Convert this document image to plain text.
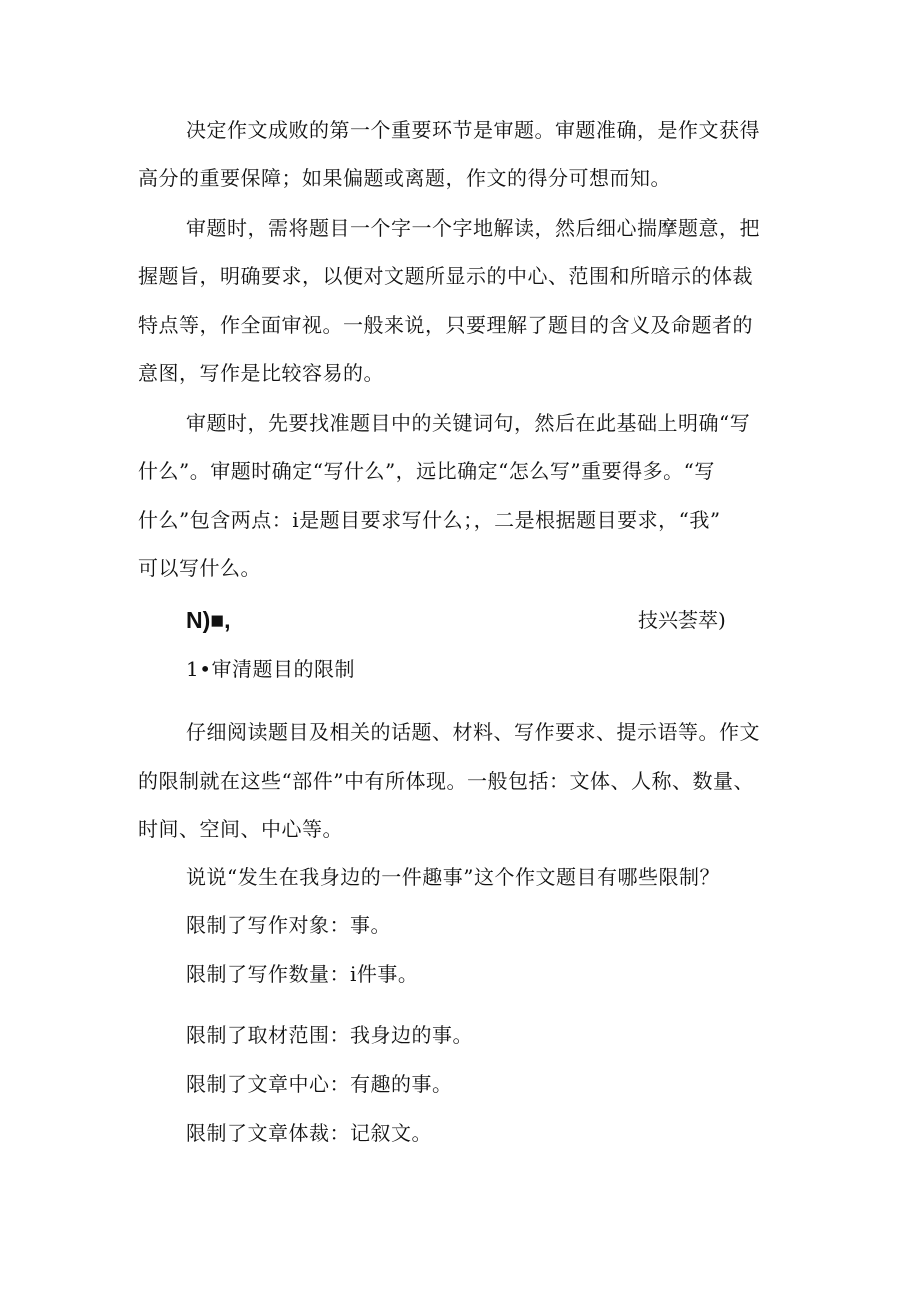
决定作文成败的第一个重要环节是审题。审题准确，是作文获得
高分的重要保障；如果偏题或离题，作文的得分可想而知。
审题时，需将题目一个字一个字地解读，然后细心揣摩题意，把
握题旨，明确要求，以便对文题所显示的中心、范围和所暗示的体裁
特点等，作全面审视。一般来说，只要理解了题目的含义及命题者的
意图，写作是比较容易的。
审题时，先要找准题目中的关键词句，然后在此基础上明确“写
什么”。审题时确定“写什么”，远比确定“怎么写”重要得多。“写
什么”包含两点：i是题目要求写什么；，二是根据题目要求，“我”
可以写什么。
N)■,	技兴荟萃)
1•审清题目的限制
仔细阅读题目及相关的话题、材料、写作要求、提示语等。作文
的限制就在这些“部件”中有所体现。一般包括：文体、人称、数量、
时间、空间、中心等。
说说“发生在我身边的一件趣事”这个作文题目有哪些限制？
限制了写作对象：事。
限制了写作数量：i件事。
限制了取材范围：我身边的事。
限制了文章中心：有趣的事。
限制了文章体裁：记叙文。
